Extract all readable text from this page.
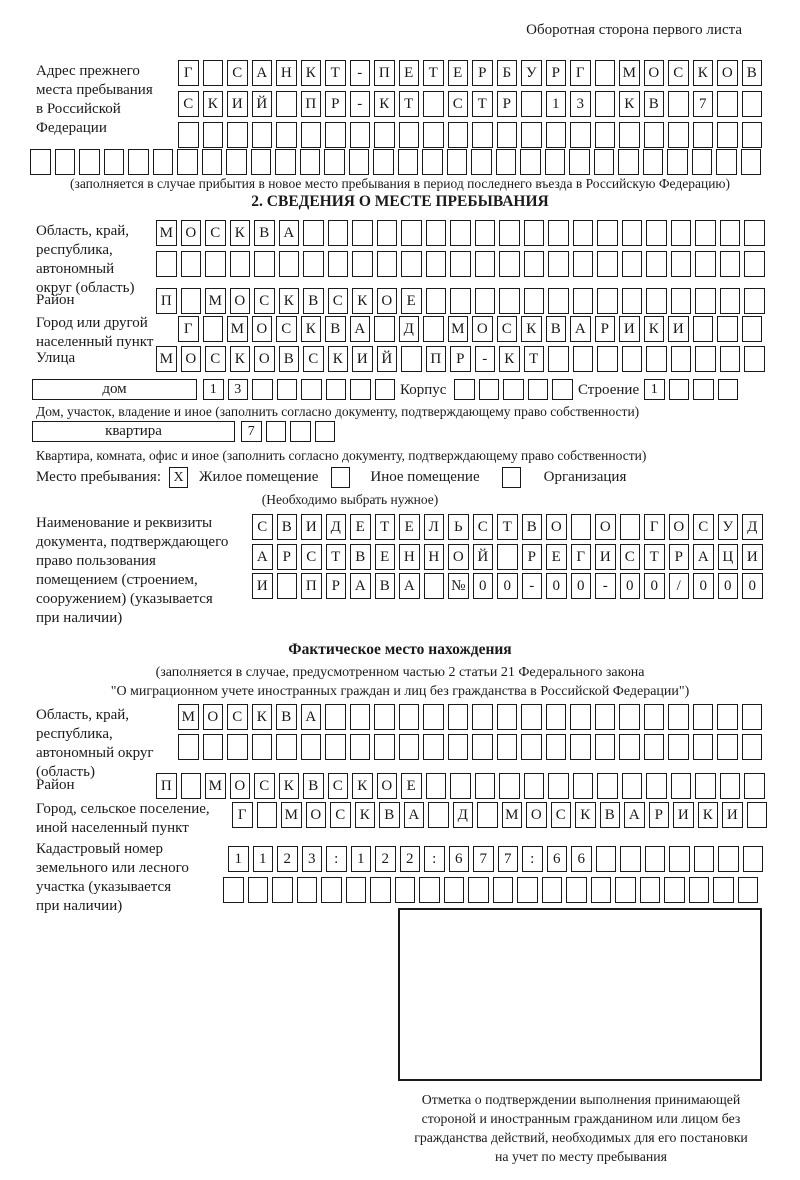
Оборотная сторона первого листа
Адрес прежнего
места пребывания
в Российской
Федерации
Г	С А Н К Т	-	П Е	Т	Е	Р	Б У	Р	Г	М О С К О В
С К И Й	П Р	-	К Т	С Т	Р	1	3	К В	7
(заполняется в случае прибытия в новое место пребывания в период последнего въезда в Российскую Федерацию)
2. СВЕДЕНИЯ О МЕСТЕ ПРЕБЫВАНИЯ
Область, край,
республика,
автономный
округ (область)
М О С К В А
Район	П	М О С К В С К О Е
Город или другой
населенный пункт
Г	М О С К В А	Д	М О С К В А Р И К И
Улица	М О С К О В С К И Й	П Р	-	К Т
дом	1	3	Корпус	Строение 1
Дом, участок, владение и иное (заполнить согласно документу, подтверждающему право собственности)
квартира	7
Квартира, комната, офис и иное (заполнить согласно документу, подтверждающему право собственности)
Место пребывания: X Жилое помещение	Иное помещение	Организация
(Необходимо выбрать нужное)
Наименование и реквизиты
документа, подтверждающего
право пользования
помещением (строением,
сооружением) (указывается
при наличии)
С В И Д Е	Т	Е Л	Ь	С Т В О	О	Г О С У Д
А Р	С Т В Е Н Н О Й	Р	Е	Г И С Т	Р А Ц И
И	П Р А В А	№ 0	0	-	0	0	-	0	0	/	0	0	0
Фактическое место нахождения
(заполняется в случае, предусмотренном частью 2 статьи 21 Федерального закона
"О миграционном учете иностранных граждан и лиц без гражданства в Российской Федерации")
Область, край,
республика,
автономный округ
(область)
М О С К В А
Район	П	М О С К В С К О Е
Город, сельское поселение,
иной населенный пункт
Г	М О С К В А	Д	М О С К В А Р И К И
Кадастровый номер
земельного или лесного
участка (указывается
при наличии)
1	1	2	3	:	1	2	2	:	6	7	7	:	6	6
Отметка о подтверждении выполнения принимающей
стороной и иностранным гражданином или лицом без
гражданства действий, необходимых для его постановки
на учет по месту пребывания
